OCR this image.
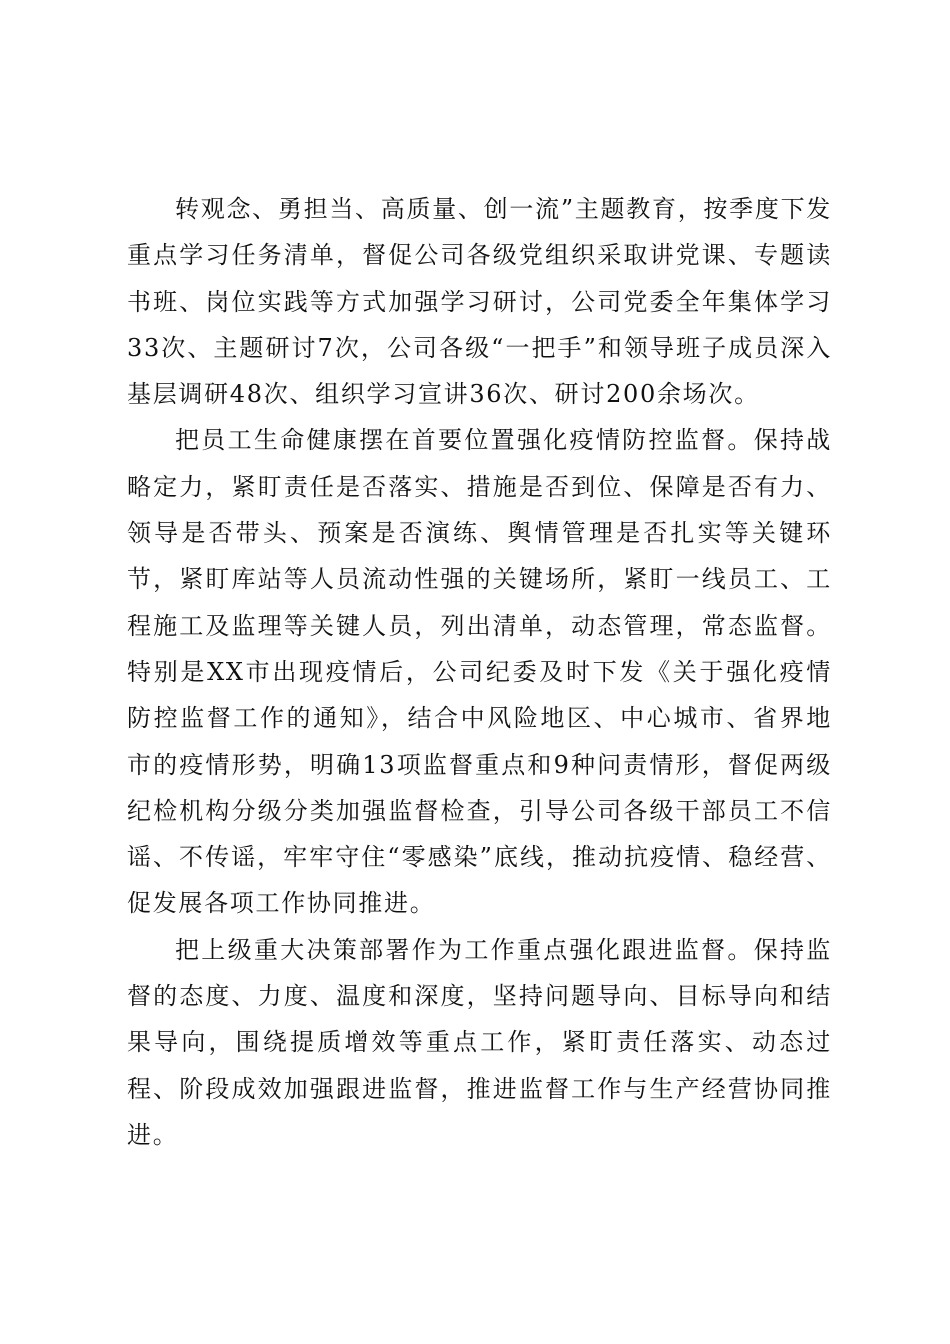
转观念、勇担当、高质量、创一流”主题教育，按季度下发重点学习任务清单，督促公司各级党组织采取讲党课、专题读书班、岗位实践等方式加强学习研讨，公司党委全年集体学习33次、主题研讨7次，公司各级“一把手”和领导班子成员深入基层调研48次、组织学习宣讲36次、研讨200余场次。

把员工生命健康摆在首要位置强化疫情防控监督。保持战略定力，紧盯责任是否落实、措施是否到位、保障是否有力、领导是否带头、预案是否演练、舆情管理是否扎实等关键环节，紧盯库站等人员流动性强的关键场所，紧盯一线员工、工程施工及监理等关键人员，列出清单，动态管理，常态监督。特别是XX市出现疫情后，公司纪委及时下发《关于强化疫情防控监督工作的通知》，结合中风险地区、中心城市、省界地市的疫情形势，明确13项监督重点和9种问责情形，督促两级纪检机构分级分类加强监督检查，引导公司各级干部员工不信谣、不传谣，牢牢守住“零感染”底线，推动抗疫情、稳经营、促发展各项工作协同推进。

把上级重大决策部署作为工作重点强化跟进监督。保持监督的态度、力度、温度和深度，坚持问题导向、目标导向和结果导向，围绕提质增效等重点工作，紧盯责任落实、动态过程、阶段成效加强跟进监督，推进监督工作与生产经营协同推进。
